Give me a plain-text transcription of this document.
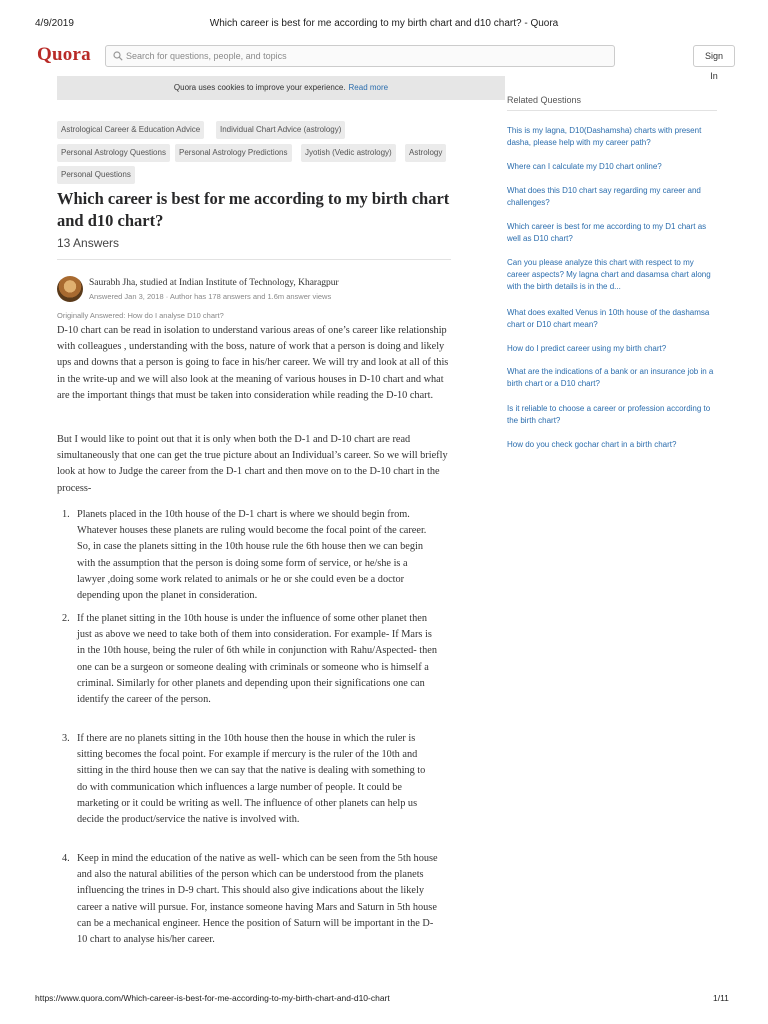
4/9/2019	Which career is best for me according to my birth chart and d10 chart? - Quora
Quora
Search for questions, people, and topics	Sign In
Quora uses cookies to improve your experience. Read more
Astrological Career & Education Advice	Individual Chart Advice (astrology)
Personal Astrology Questions	Personal Astrology Predictions	Jyotish (Vedic astrology)	Astrology
Personal Questions
Which career is best for me according to my birth chart and d10 chart?
13 Answers
Saurabh Jha, studied at Indian Institute of Technology, Kharagpur
Answered Jan 3, 2018 · Author has 178 answers and 1.6m answer views
Originally Answered: How do I analyse D10 chart?

D-10 chart can be read in isolation to understand various areas of one’s career like relationship with colleagues , understanding with the boss, nature of work that a person is doing and likely ups and downs that a person is going to face in his/her career. We will try and look at all of this in the write-up and we will also look at the meaning of various houses in D-10 chart and what are the important things that must be taken into consideration while reading the D-10 chart.

But I would like to point out that it is only when both the D-1 and D-10 chart are read simultaneously that one can get the true picture about an Individual’s career. So we will briefly look at how to Judge the career from the D-1 chart and then move on to the D-10 chart in the process-

1. Planets placed in the 10th house of the D-1 chart is where we should begin from. Whatever houses these planets are ruling would become the focal point of the career. So, in case the planets sitting in the 10th house rule the 6th house then we can begin with the assumption that the person is doing some form of service, or he/she is a lawyer ,doing some work related to animals or he or she could even be a doctor depending upon the planet in consideration.
2. If the planet sitting in the 10th house is under the influence of some other planet then just as above we need to take both of them into consideration. For example- If Mars is in the 10th house, being the ruler of 6th while in conjunction with Rahu/Aspected- then one can be a surgeon or someone dealing with criminals or someone who is himself a criminal. Similarly for other planets and depending upon their significations one can identify the career of the person.
3. If there are no planets sitting in the 10th house then the house in which the ruler is sitting becomes the focal point. For example if mercury is the ruler of the 10th and sitting in the third house then we can say that the native is dealing with something to do with communication which influences a large number of people. It could be marketing or it could be writing as well. The influence of other planets can help us decide the product/service the native is involved with.
4. Keep in mind the education of the native as well- which can be seen from the 5th house and also the natural abilities of the person which can be understood from the planets influencing the trines in D-9 chart. This should also give indications about the likely career a native will pursue. For, instance someone having Mars and Saturn in 5th house can be a mechanical engineer. Hence the position of Saturn will be important in the D-10 chart to analyse his/her career.
Related Questions
This is my lagna, D10(Dashamsha) charts with present dasha, please help with my career path?
Where can I calculate my D10 chart online?
What does this D10 chart say regarding my career and challenges?
Which career is best for me according to my D1 chart as well as D10 chart?
Can you please analyze this chart with respect to my career aspects? My lagna chart and dasamsa chart along with the birth details is in the d...
What does exalted Venus in 10th house of the dashamsa chart or D10 chart mean?
How do I predict career using my birth chart?
What are the indications of a bank or an insurance job in a birth chart or a D10 chart?
Is it reliable to choose a career or profession according to the birth chart?
How do you check gochar chart in a birth chart?
https://www.quora.com/Which-career-is-best-for-me-according-to-my-birth-chart-and-d10-chart	1/11
